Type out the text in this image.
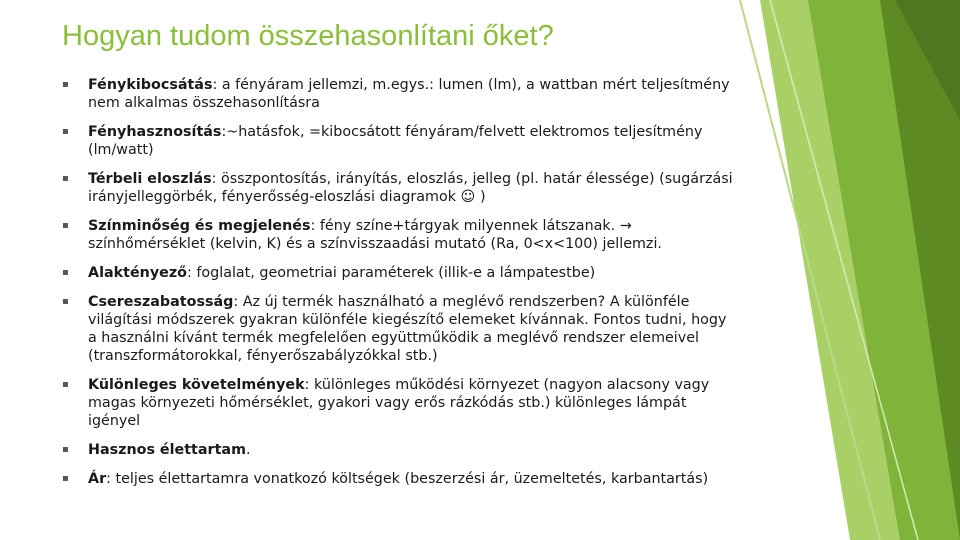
Hogyan tudom összehasonlítani őket?
▪ Fénykibocsátás: a fényáram jellemzi, m.egys.: lumen (lm), a wattban mért teljesítmény nem alkalmas összehasonlításra
▪ Fényhasznosítás:~hatásfok, =kibocsátott fényáram/felvett elektromos teljesítmény (lm/watt)
▪ Térbeli eloszlás: összpontosítás, irányítás, eloszlás, jelleg (pl. határ élessége) (sugárzási irányjelleggörbék, fényerősség-eloszlási diagramok ☺ )
▪ Színminőség és megjelenés: fény színe+tárgyak milyennek látszanak. → színhőmérséklet (kelvin, K) és a színvisszaadási mutató (Ra, 0<x<100) jellemzi.
▪ Alaktényező: foglalat, geometriai paraméterek (illik-e a lámpatestbe)
▪ Csereszabatosság: Az új termék használható a meglévő rendszerben? A különféle világítási módszerek gyakran különféle kiegészítő elemeket kívánnak. Fontos tudni, hogy a használni kívánt termék megfelelően együttműködik a meglévő rendszer elemeivel (transzformátorokkal, fényerőszabályzókkal stb.)
▪ Különleges követelmények: különleges működési környezet (nagyon alacsony vagy magas környezeti hőmérséklet, gyakori vagy erős rázkódás stb.) különleges lámpát igényel
▪ Hasznos élettartam.
▪ Ár: teljes élettartamra vonatkozó költségek (beszerzési ár, üzemeltetés, karbantartás)
